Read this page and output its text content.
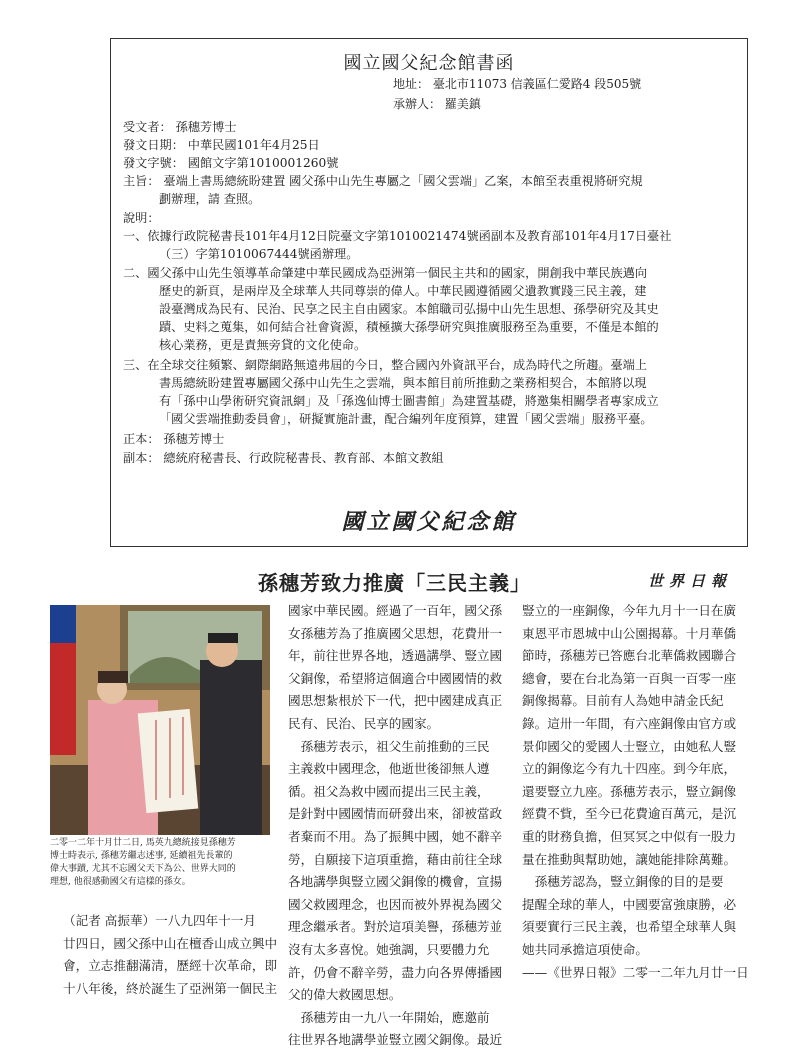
國立國父紀念館書函
地址： 臺北市11073 信義區仁愛路4 段505號
承辦人： 羅美鎮
受文者： 孫穗芳博士
發文日期： 中華民國101年4月25日
發文字號： 國館文字第1010001260號
主旨： 臺端上書馬總統盼建置 國父孫中山先生專屬之「國父雲端」乙案，本館至表重視將研究規
劃辦理，請 查照。
說明：
一、依據行政院秘書長101年4月12日院臺文字第1010021474號函副本及教育部101年4月17日臺社
（三）字第1010067444號函辦理。
二、國父孫中山先生領導革命肇建中華民國成為亞洲第一個民主共和的國家，開創我中華民族邁向
歷史的新頁，是兩岸及全球華人共同尊崇的偉人。中華民國遵循國父遺教實踐三民主義，建
設臺灣成為民有、民治、民享之民主自由國家。本館職司弘揚中山先生思想、孫學研究及其史
蹟、史料之蒐集，如何結合社會資源，積極擴大孫學研究與推廣服務至為重要，不僅是本館的
核心業務，更是責無旁貸的文化使命。
三、在全球交往頻繁、網際網路無遠弗屆的今日，整合國內外資訊平台，成為時代之所趨。臺端上
書馬總統盼建置專屬國父孫中山先生之雲端，與本館目前所推動之業務相契合，本館將以現
有「孫中山學術研究資訊網」及「孫逸仙博士圖書館」為建置基礎，將邀集相關學者專家成立
「國父雲端推動委員會」，研擬實施計畫，配合編列年度預算，建置「國父雲端」服務平臺。
正本： 孫穗芳博士
副本： 總統府秘書長、行政院秘書長、教育部、本館文教組
國立國父紀念館
孫穗芳致力推廣「三民主義」	世界日報
二零一二年十月廿二日, 馬英九總統接見孫穗芳
博士時表示, 孫穗芳繼志述事, 延續祖先長輩的
偉大事蹟, 尤其不忘國父天下為公、世界大同的
理想, 他很感動國父有這樣的孫女。
（記者 高振華）一八九四年十一月
廿四日，國父孫中山在檀香山成立興中
會，立志推翻滿清，歷經十次革命，即
十八年後，終於誕生了亞洲第一個民主
國家中華民國。經過了一百年，國父孫
女孫穗芳為了推廣國父思想，花費卅一
年，前往世界各地，透過講學、豎立國
父銅像，希望將這個適合中國國情的救
國思想紮根於下一代，把中國建成真正
民有、民治、民享的國家。
　孫穗芳表示，祖父生前推動的三民
主義救中國理念，他逝世後卻無人遵
循。祖父為救中國而提出三民主義，
是針對中國國情而研發出來，卻被當政
者棄而不用。為了振興中國，她不辭辛
勞，自願接下這項重擔，藉由前往全球
各地講學與豎立國父銅像的機會，宣揚
國父救國理念，也因而被外界視為國父
理念繼承者。對於這項美譽，孫穗芳並
沒有太多喜悅。她強調，只要體力允
許，仍會不辭辛勞，盡力向各界傳播國
父的偉大救國思想。
　孫穗芳由一九八一年開始，應邀前
往世界各地講學並豎立國父銅像。最近
豎立的一座銅像，今年九月十一日在廣
東恩平市恩城中山公園揭幕。十月華僑
節時，孫穗芳已答應台北華僑救國聯合
總會，要在台北為第一百與一百零一座
銅像揭幕。目前有人為她申請金氏紀
錄。這卅一年間，有六座銅像由官方或
景仰國父的愛國人士豎立，由她私人豎
立的銅像迄今有九十四座。到今年底，
還要豎立九座。孫穗芳表示，豎立銅像
經費不貲，至今已花費逾百萬元，是沉
重的財務負擔，但冥冥之中似有一股力
量在推動與幫助她，讓她能排除萬難。
　孫穗芳認為，豎立銅像的目的是要
提醒全球的華人，中國要富強康勝，必
須要實行三民主義，也希望全球華人與
她共同承擔這項使命。
——《世界日報》二零一二年九月廿一日
